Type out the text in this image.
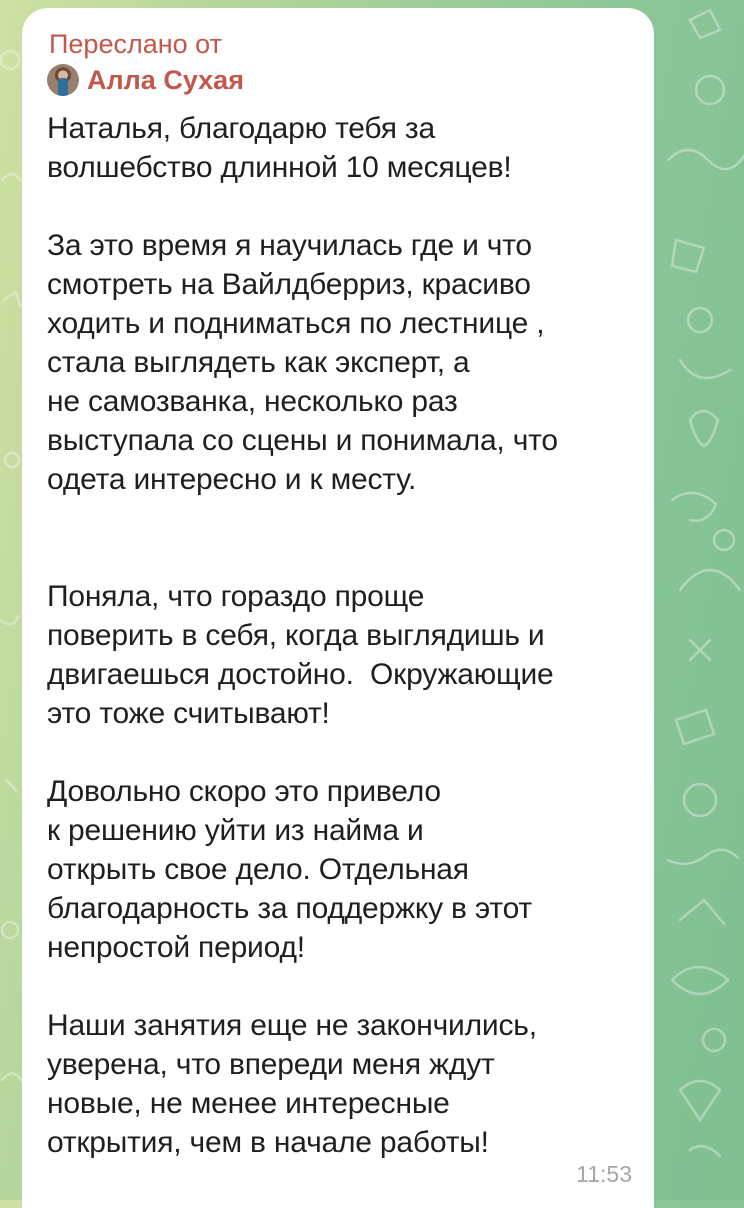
Переслано от
Алла Сухая
Наталья, благодарю тебя за
волшебство длинной 10 месяцев!

За это время я научилась где и что
смотреть на Вайлдберриз, красиво
ходить и подниматься по лестнице ,
стала выглядеть как эксперт, а
не самозванка, несколько раз
выступала со сцены и понимала, что
одета интересно и к месту.

Поняла, что гораздо проще
поверить в себя, когда выглядишь и
двигаешься достойно.  Окружающие
это тоже считывают!

Довольно скоро это привело
к решению уйти из найма и
открыть свое дело. Отдельная
благодарность за поддержку в этот
непростой период!

Наши занятия еще не закончились,
уверена, что впереди меня ждут
новые, не менее интересные
открытия, чем в начале работы!
11:53
